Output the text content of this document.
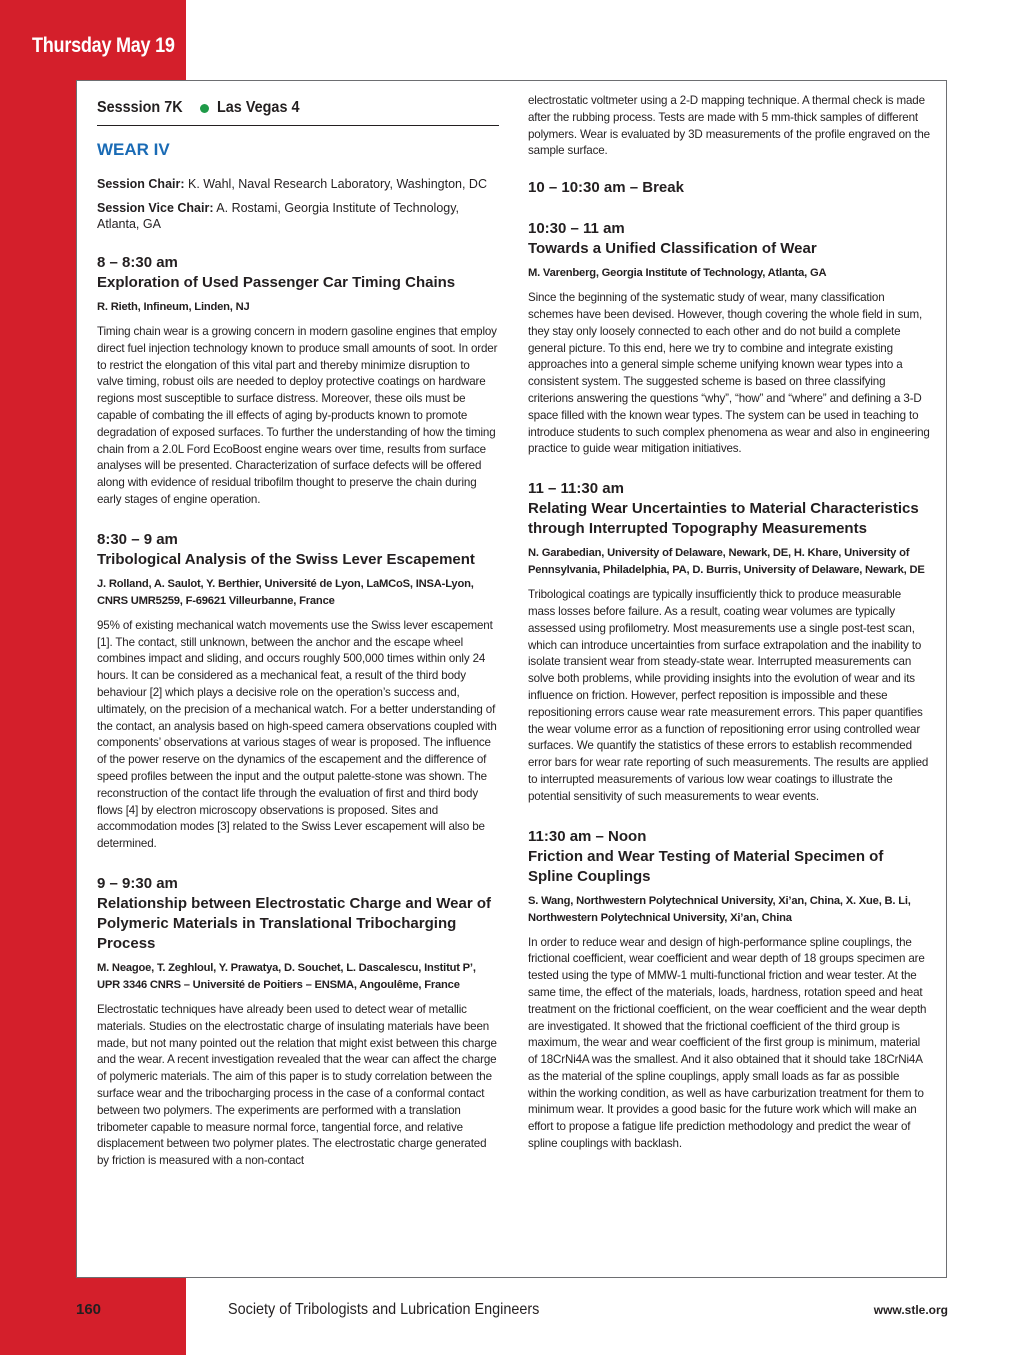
Thursday May 19
Sesssion 7K Las Vegas 4
WEAR IV
Session Chair: K. Wahl, Naval Research Laboratory, Washington, DC
Session Vice Chair: A. Rostami, Georgia Institute of Technology, Atlanta, GA
8 – 8:30 am
Exploration of Used Passenger Car Timing Chains
R. Rieth, Infineum, Linden, NJ
Timing chain wear is a growing concern in modern gasoline engines that employ direct fuel injection technology known to produce small amounts of soot. In order to restrict the elongation of this vital part and thereby minimize disruption to valve timing, robust oils are needed to deploy protective coatings on hardware regions most susceptible to surface distress. Moreover, these oils must be capable of combating the ill effects of aging by-products known to promote degradation of exposed surfaces. To further the understanding of how the timing chain from a 2.0L Ford EcoBoost engine wears over time, results from surface analyses will be presented. Characterization of surface defects will be offered along with evidence of residual tribofilm thought to preserve the chain during early stages of engine operation.
8:30 – 9 am
Tribological Analysis of the Swiss Lever Escapement
J. Rolland, A. Saulot, Y. Berthier, Université de Lyon, LaMCoS, INSA-Lyon, CNRS UMR5259, F-69621 Villeurbanne, France
95% of existing mechanical watch movements use the Swiss lever escapement [1]. The contact, still unknown, between the anchor and the escape wheel combines impact and sliding, and occurs roughly 500,000 times within only 24 hours. It can be considered as a mechanical feat, a result of the third body behaviour [2] which plays a decisive role on the operation’s success and, ultimately, on the precision of a mechanical watch. For a better understanding of the contact, an analysis based on high-speed camera observations coupled with components’ observations at various stages of wear is proposed. The influence of the power reserve on the dynamics of the escapement and the difference of speed profiles between the input and the output palette-stone was shown. The reconstruction of the contact life through the evaluation of first and third body flows [4] by electron microscopy observations is proposed. Sites and accommodation modes [3] related to the Swiss Lever escapement will also be determined.
9 – 9:30 am
Relationship between Electrostatic Charge and Wear of Polymeric Materials in Translational Tribocharging Process
M. Neagoe, T. Zeghloul, Y. Prawatya, D. Souchet, L. Dascalescu, Institut P’, UPR 3346 CNRS – Université de Poitiers – ENSMA, Angoulême, France
Electrostatic techniques have already been used to detect wear of metallic materials. Studies on the electrostatic charge of insulating materials have been made, but not many pointed out the relation that might exist between this charge and the wear. A recent investigation revealed that the wear can affect the charge of polymeric materials. The aim of this paper is to study correlation between the surface wear and the tribocharging process in the case of a conformal contact between two polymers. The experiments are performed with a translation tribometer capable to measure normal force, tangential force, and relative displacement between two polymer plates. The electrostatic charge generated by friction is measured with a non-contact
electrostatic voltmeter using a 2-D mapping technique. A thermal check is made after the rubbing process. Tests are made with 5 mm-thick samples of different polymers. Wear is evaluated by 3D measurements of the profile engraved on the sample surface.
10 – 10:30 am – Break
10:30 – 11 am
Towards a Unified Classification of Wear
M. Varenberg, Georgia Institute of Technology, Atlanta, GA
Since the beginning of the systematic study of wear, many classification schemes have been devised. However, though covering the whole field in sum, they stay only loosely connected to each other and do not build a complete general picture. To this end, here we try to combine and integrate existing approaches into a general simple scheme unifying known wear types into a consistent system. The suggested scheme is based on three classifying criterions answering the questions “why”, “how” and “where” and defining a 3-D space filled with the known wear types. The system can be used in teaching to introduce students to such complex phenomena as wear and also in engineering practice to guide wear mitigation initiatives.
11 – 11:30 am
Relating Wear Uncertainties to Material Characteristics through Interrupted Topography Measurements
N. Garabedian, University of Delaware, Newark, DE, H. Khare, University of Pennsylvania, Philadelphia, PA, D. Burris, University of Delaware, Newark, DE
Tribological coatings are typically insufficiently thick to produce measurable mass losses before failure. As a result, coating wear volumes are typically assessed using profilometry. Most measurements use a single post-test scan, which can introduce uncertainties from surface extrapolation and the inability to isolate transient wear from steady-state wear. Interrupted measurements can solve both problems, while providing insights into the evolution of wear and its influence on friction. However, perfect reposition is impossible and these repositioning errors cause wear rate measurement errors. This paper quantifies the wear volume error as a function of repositioning error using controlled wear surfaces. We quantify the statistics of these errors to establish recommended error bars for wear rate reporting of such measurements. The results are applied to interrupted measurements of various low wear coatings to illustrate the potential sensitivity of such measurements to wear events.
11:30 am – Noon
Friction and Wear Testing of Material Specimen of Spline Couplings
S. Wang, Northwestern Polytechnical University, Xi’an, China, X. Xue, B. Li, Northwestern Polytechnical University, Xi’an, China
In order to reduce wear and design of high-performance spline couplings, the frictional coefficient, wear coefficient and wear depth of 18 groups specimen are tested using the type of MMW-1 multi-functional friction and wear tester. At the same time, the effect of the materials, loads, hardness, rotation speed and heat treatment on the frictional coefficient, on the wear coefficient and the wear depth are investigated. It showed that the frictional coefficient of the third group is maximum, the wear and wear coefficient of the first group is minimum, material of 18CrNi4A was the smallest. And it also obtained that it should take 18CrNi4A as the material of the spline couplings, apply small loads as far as possible within the working condition, as well as have carburization treatment for them to minimum wear. It provides a good basic for the future work which will make an effort to propose a fatigue life prediction methodology and predict the wear of spline couplings with backlash.
160	Society of Tribologists and Lubrication Engineers	www.stle.org
